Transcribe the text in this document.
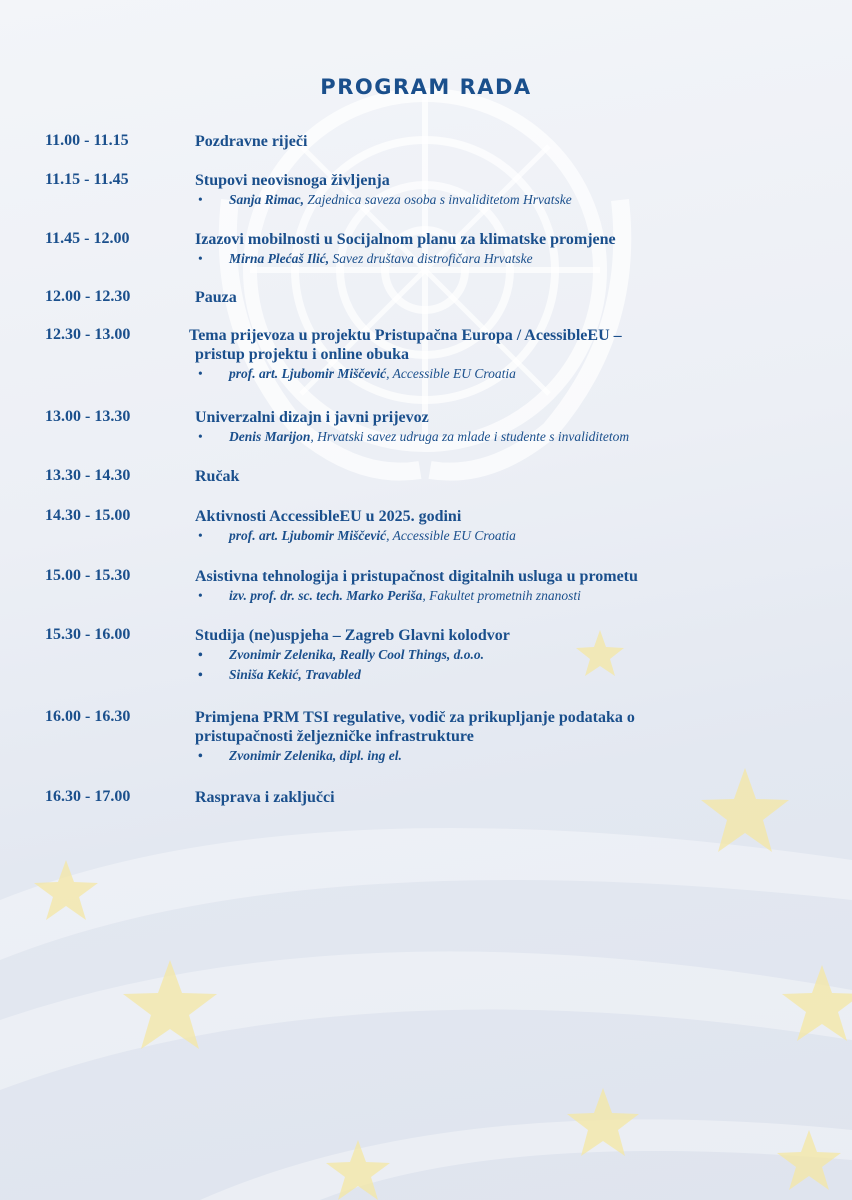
PROGRAM RADA
11.00 - 11.15	Pozdravne riječi
11.15 - 11.45	Stupovi neovisnoga življenja
• Sanja Rimac, Zajednica saveza osoba s invaliditetom Hrvatske
11.45 - 12.00	Izazovi mobilnosti u Socijalnom planu za klimatske promjene
• Mirna Plećaš Ilić, Savez društava distrofičara Hrvatske
12.00 - 12.30	Pauza
12.30 - 13.00	Tema prijevoza u projektu Pristupačna Europa / AcessibleEU –
pristup projektu i online obuka
• prof. art. Ljubomir Miščević, Accessible EU Croatia
13.00 - 13.30	Univerzalni dizajn i javni prijevoz
• Denis Marijon, Hrvatski savez udruga za mlade i studente s invaliditetom
13.30 - 14.30	Ručak
14.30 - 15.00	Aktivnosti AccessibleEU u 2025. godini
• prof. art. Ljubomir Miščević, Accessible EU Croatia
15.00 - 15.30	Asistivna tehnologija i pristupačnost digitalnih usluga u prometu
• izv. prof. dr. sc. tech. Marko Periša, Fakultet prometnih znanosti
15.30 - 16.00	Studija (ne)uspjeha – Zagreb Glavni kolodvor
• Zvonimir Zelenika, Really Cool Things, d.o.o.
• Siniša Kekić, Travabled
16.00 - 16.30	Primjena PRM TSI regulative, vodič za prikupljanje podataka o
pristupačnosti željezničke infrastrukture
• Zvonimir Zelenika, dipl. ing el.
16.30 - 17.00	Rasprava i zaključci
